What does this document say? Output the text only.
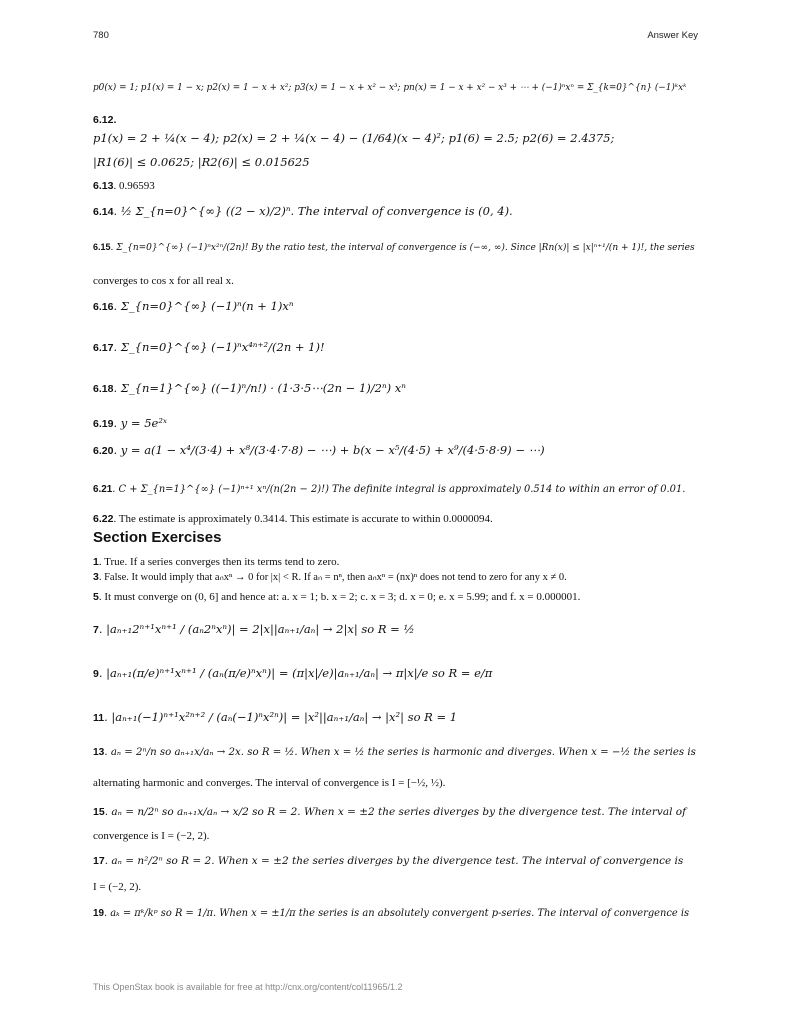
780	Answer Key
p0(x) = 1; p1(x) = 1 − x; p2(x) = 1 − x + x²; p3(x) = 1 − x + x² − x³; pn(x) = 1 − x + x² − x³ + ⋯ + (−1)ⁿxⁿ = Σ_{k=0}^{n} (−1)ᵏxᵏ
6.12.
p1(x) = 2 + ¼(x − 4); p2(x) = 2 + ¼(x − 4) − (1/64)(x − 4)²; p1(6) = 2.5; p2(6) = 2.4375;
|R1(6)| ≤ 0.0625; |R2(6)| ≤ 0.015625
6.13. 0.96593
6.14. ½ Σ_{n=0}^{∞} ((2 − x)/2)ⁿ. The interval of convergence is (0, 4).
6.15. Σ_{n=0}^{∞} (−1)ⁿx²ⁿ/(2n)! By the ratio test, the interval of convergence is (−∞, ∞). Since |Rn(x)| ≤ |x|ⁿ⁺¹/(n + 1)!, the series
converges to cos x for all real x.
6.16. Σ_{n=0}^{∞} (−1)ⁿ(n + 1)xⁿ
6.17. Σ_{n=0}^{∞} (−1)ⁿx⁴ⁿ⁺²/(2n + 1)!
6.18. Σ_{n=1}^{∞} ((−1)ⁿ/n!) · (1·3·5⋯(2n − 1)/2ⁿ) xⁿ
6.19. y = 5e²ˣ
6.20. y = a(1 − x⁴/(3·4) + x⁸/(3·4·7·8) − ⋯) + b(x − x⁵/(4·5) + x⁹/(4·5·8·9) − ⋯)
6.21. C + Σ_{n=1}^{∞} (−1)ⁿ⁺¹ xⁿ/(n(2n − 2)!) The definite integral is approximately 0.514 to within an error of 0.01.
6.22. The estimate is approximately 0.3414. This estimate is accurate to within 0.0000094.
Section Exercises
1. True. If a series converges then its terms tend to zero.
3. False. It would imply that aₙxⁿ → 0 for |x| < R. If aₙ = nⁿ, then aₙxⁿ = (nx)ⁿ does not tend to zero for any x ≠ 0.
5. It must converge on (0, 6] and hence at: a. x = 1; b. x = 2; c. x = 3; d. x = 0; e. x = 5.99; and f. x = 0.000001.
7. |aₙ₊₁2ⁿ⁺¹xⁿ⁺¹ / (aₙ2ⁿxⁿ)| = 2|x||aₙ₊₁/aₙ| → 2|x| so R = ½
9. |aₙ₊₁(π/e)ⁿ⁺¹xⁿ⁺¹ / (aₙ(π/e)ⁿxⁿ)| = (π|x|/e)|aₙ₊₁/aₙ| → π|x|/e so R = e/π
11. |aₙ₊₁(−1)ⁿ⁺¹x²ⁿ⁺² / (aₙ(−1)ⁿx²ⁿ)| = |x²||aₙ₊₁/aₙ| → |x²| so R = 1
13. aₙ = 2ⁿ/n so aₙ₊₁x/aₙ → 2x. so R = ½. When x = ½ the series is harmonic and diverges. When x = −½ the series is
alternating harmonic and converges. The interval of convergence is I = [−½, ½).
15. aₙ = n/2ⁿ so aₙ₊₁x/aₙ → x/2 so R = 2. When x = ±2 the series diverges by the divergence test. The interval of
convergence is I = (−2, 2).
17. aₙ = n²/2ⁿ so R = 2. When x = ±2 the series diverges by the divergence test. The interval of convergence is
I = (−2, 2).
19. aₖ = πᵏ/kᵖ so R = 1/π. When x = ±1/π the series is an absolutely convergent p-series. The interval of convergence is
This OpenStax book is available for free at http://cnx.org/content/col11965/1.2
